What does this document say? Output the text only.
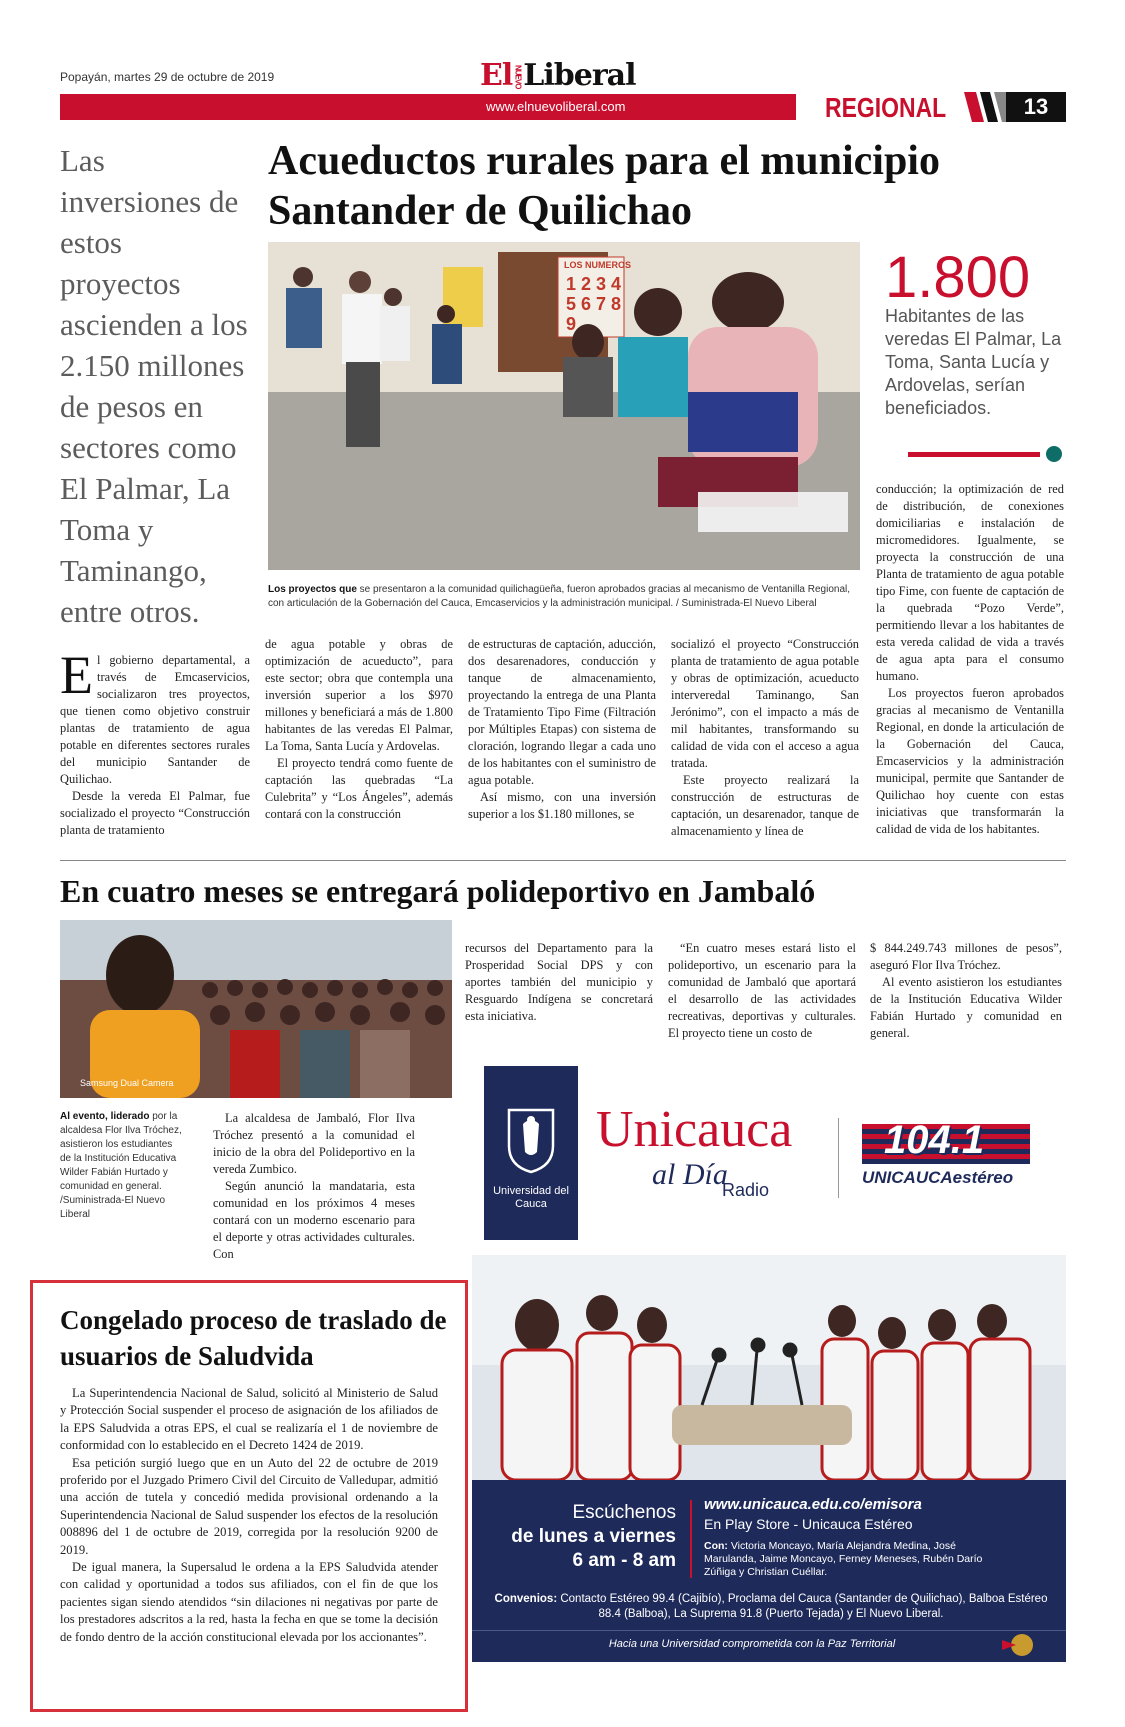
Popayán, martes 29 de octubre de 2019	ElNUEVOLiberal
www.elnuevoliberal.com	REGIONAL	13
Las inversiones de estos proyectos ascienden a los 2.150 millones de pesos en sectores como El Palmar, La Toma y Taminango, entre otros.
Acueductos rurales para el municipio Santander de Quilichao
LOS NUMEROS
1 2 3 4 5 6 7 8 9
Los proyectos que se presentaron a la comunidad quilichagüeña, fueron aprobados gracias al mecanismo de Ventanilla Regional, con articulación de la Gobernación del Cauca, Emcaservicios y la administración municipal. / Suministrada-El Nuevo Liberal
1.800
Habitantes de las veredas El Palmar, La Toma, Santa Lucía y Ardovelas, serían beneficiados.

El gobierno departamental, a través de Emcaservicios, socializaron tres proyectos, que tienen como objetivo construir plantas de tratamiento de agua potable en diferentes sectores rurales del municipio Santander de Quilichao.

Desde la vereda El Palmar, fue socializado el proyecto “Construcción planta de tratamiento

de agua potable y obras de optimización de acueducto”, para este sector; obra que contempla una inversión superior a los $970 millones y beneficiará a más de 1.800 habitantes de las veredas El Palmar, La Toma, Santa Lucía y Ardovelas.

El proyecto tendrá como fuente de captación las quebradas “La Culebrita” y “Los Ángeles”, además contará con la construcción

de estructuras de captación, aducción, dos desarenadores, conducción y tanque de almacenamiento, proyectando la entrega de una Planta de Tratamiento Tipo Fime (Filtración por Múltiples Etapas) con sistema de cloración, logrando llegar a cada uno de los habitantes con el suministro de agua potable.

Así mismo, con una inversión superior a los $1.180 millones, se

socializó el proyecto “Construcción planta de tratamiento de agua potable y obras de optimización, acueducto interveredal Taminango, San Jerónimo”, con el impacto a más de mil habitantes, transformando su calidad de vida con el acceso a agua tratada.

Este proyecto realizará la construcción de estructuras de captación, un desarenador, tanque de almacenamiento y línea de

conducción; la optimización de red de distribución, de conexiones domiciliarias e instalación de micromedidores. Igualmente, se proyecta la construcción de una Planta de tratamiento de agua potable tipo Fime, con fuente de captación de la quebrada “Pozo Verde”, permitiendo llevar a los habitantes de esta vereda calidad de vida a través de agua apta para el consumo humano.

Los proyectos fueron aprobados gracias al mecanismo de Ventanilla Regional, en donde la articulación de la Gobernación del Cauca, Emcaservicios y la administración municipal, permite que Santander de Quilichao hoy cuente con estas iniciativas que transformarán la calidad de vida de los habitantes.

En cuatro meses se entregará polideportivo en Jambaló
Samsung Dual Camera
Al evento, liderado por la alcaldesa Flor Ilva Tróchez, asistieron los estudiantes de la Institución Educativa Wilder Fabián Hurtado y comunidad en general. /Suministrada-El Nuevo Liberal

La alcaldesa de Jambaló, Flor Ilva Tróchez presentó a la comunidad el inicio de la obra del Polideportivo en la vereda Zumbico.

Según anunció la mandataria, esta comunidad en los próximos 4 meses contará con un moderno escenario para el deporte y otras actividades culturales. Con

recursos del Departamento para la Prosperidad Social DPS y con aportes también del municipio y Resguardo Indígena se concretará esta iniciativa.

“En cuatro meses estará listo el polideportivo, un escenario para la comunidad de Jambaló que aportará el desarrollo de las actividades recreativas, deportivas y culturales. El proyecto tiene un costo de

$ 844.249.743 millones de pesos”, aseguró Flor Ilva Tróchez.

Al evento asistieron los estudiantes de la Institución Educativa Wilder Fabián Hurtado y comunidad en general.

Congelado proceso de traslado de usuarios de Saludvida

La Superintendencia Nacional de Salud, solicitó al Ministerio de Salud y Protección Social suspender el proceso de asignación de los afiliados de la EPS Saludvida a otras EPS, el cual se realizaría el 1 de noviembre de conformidad con lo establecido en el Decreto 1424 de 2019.

Esa petición surgió luego que en un Auto del 22 de octubre de 2019 proferido por el Juzgado Primero Civil del Circuito de Valledupar, admitió una acción de tutela y concedió medida provisional ordenando a la Superintendencia Nacional de Salud suspender los efectos de la resolución 008896 del 1 de octubre de 2019, corregida por la resolución 9200 de 2019.

De igual manera, la Supersalud le ordena a la EPS Saludvida atender con calidad y oportunidad a todos sus afiliados, con el fin de que los pacientes sigan siendo atendidos “sin dilaciones ni negativas por parte de los prestadores adscritos a la red, hasta la fecha en que se tome la decisión de fondo dentro de la acción constitucional elevada por los accionantes”.

Universidad del Cauca
Unicauca
al Día
Radio
104.1
UNICAUCAestéreo
Escúchenos
de lunes a viernes
6 am - 8 am
www.unicauca.edu.co/emisora
En Play Store - Unicauca Estéreo
Con: Victoria Moncayo, María Alejandra Medina, José Marulanda, Jaime Moncayo, Ferney Meneses, Rubén Darío Zúñiga y Christian Cuéllar.
Convenios: Contacto Estéreo 99.4 (Cajibío), Proclama del Cauca (Santander de Quilichao), Balboa Estéreo 88.4 (Balboa), La Suprema 91.8 (Puerto Tejada) y El Nuevo Liberal.
Hacia una Universidad comprometida con la Paz Territorial
